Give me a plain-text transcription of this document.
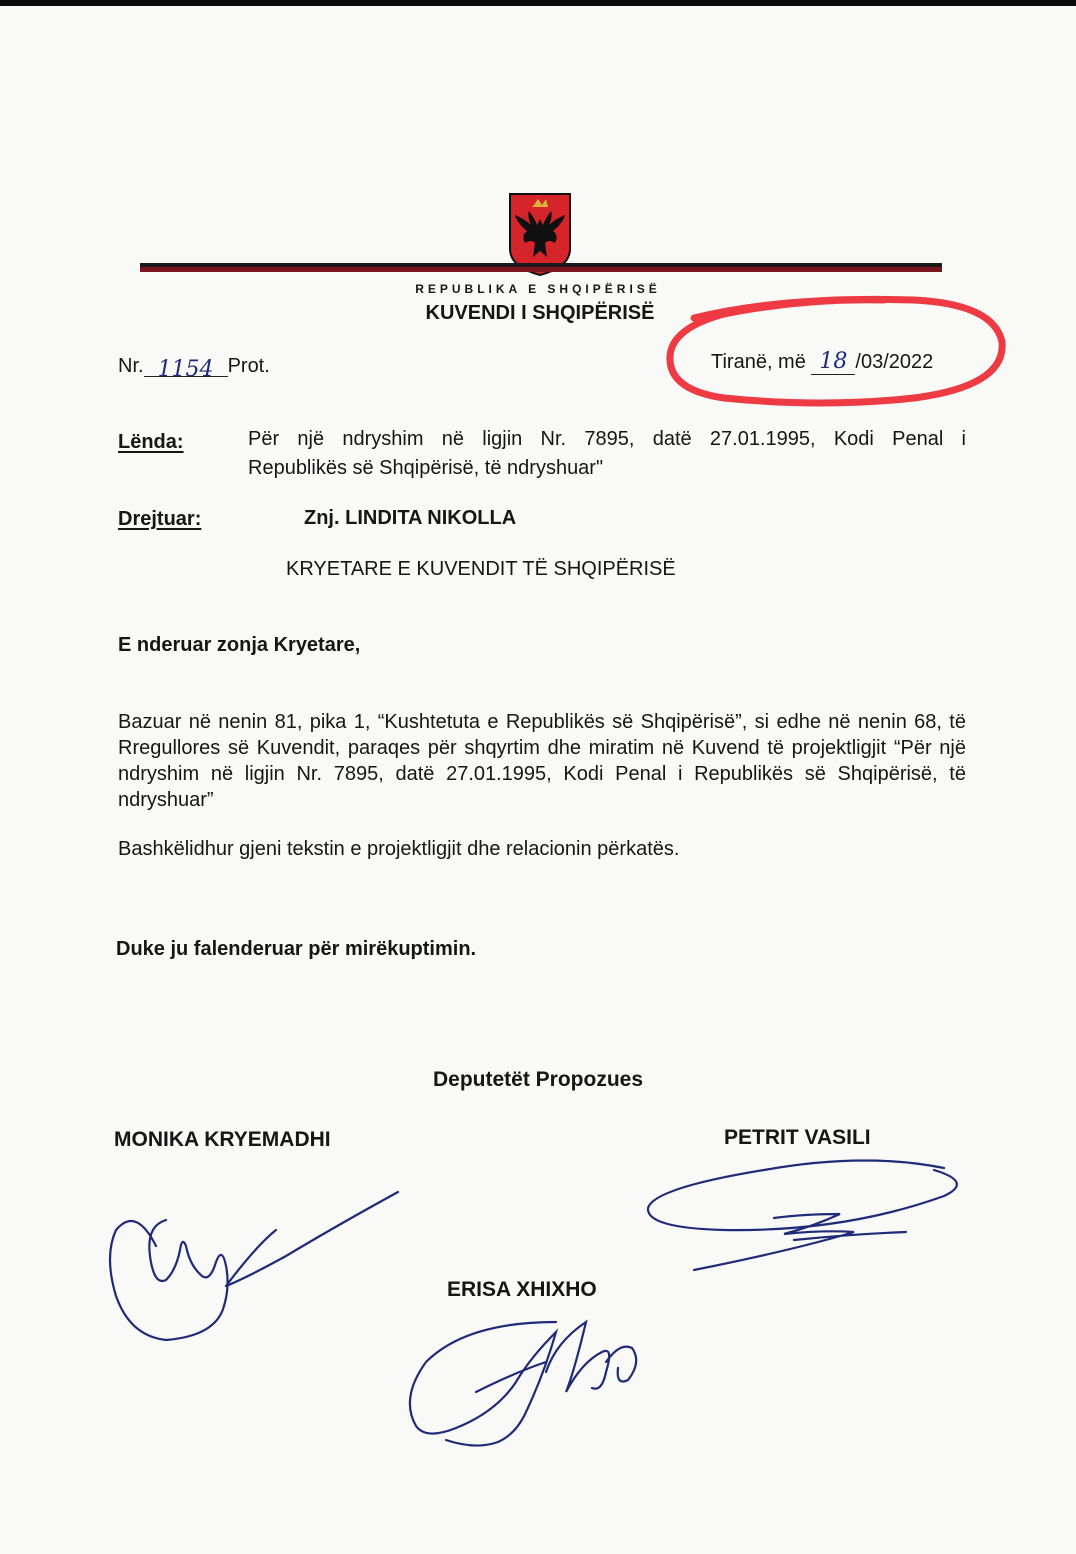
REPUBLIKA E SHQIPËRISË
KUVENDI I SHQIPËRISË
Nr. 1154 Prot.	Tiranë, më 18 /03/2022
Lënda:	Për një ndryshim në ligjin Nr. 7895, datë 27.01.1995, Kodi Penal i
Republikës së Shqipërisë, të ndryshuar"
Drejtuar:	Znj. LINDITA NIKOLLA
KRYETARE E KUVENDIT TË SHQIPËRISË
E nderuar zonja Kryetare,
Bazuar në nenin 81, pika 1, “Kushtetuta e Republikës së Shqipërisë”, si edhe në nenin 68, të Rregullores së Kuvendit, paraqes për shqyrtim dhe miratim në Kuvend të projektligjit “Për një ndryshim në ligjin Nr. 7895, datë 27.01.1995, Kodi Penal i Republikës së Shqipërisë, të ndryshuar”
Bashkëlidhur gjeni tekstin e projektligjit dhe relacionin përkatës.
Duke ju falenderuar për mirëkuptimin.
Deputetët Propozues
MONIKA KRYEMADHI	PETRIT VASILI
ERISA XHIXHO
